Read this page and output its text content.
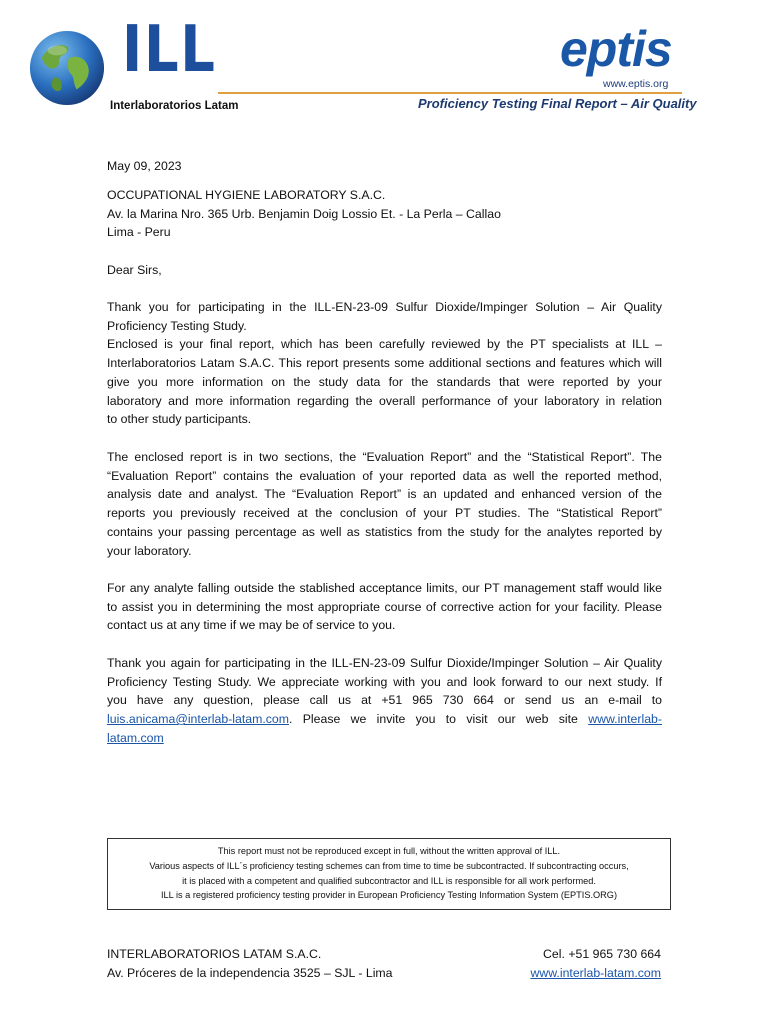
ILL
Interlaboratorios Latam
eptis
www.eptis.org
Proficiency Testing Final Report – Air Quality
May 09, 2023
OCCUPATIONAL HYGIENE LABORATORY S.A.C.
Av. la Marina Nro. 365 Urb. Benjamin Doig Lossio Et. - La Perla – Callao
Lima - Peru
Dear Sirs,
Thank you for participating in the ILL-EN-23-09 Sulfur Dioxide/Impinger Solution – Air Quality
Proficiency Testing Study.
Enclosed is your final report, which has been carefully reviewed by the PT specialists at ILL –
Interlaboratorios Latam S.A.C. This report presents some additional sections and features which will
give you more information on the study data for the standards that were reported by your
laboratory and more information regarding the overall performance of your laboratory in relation
to other study participants.
The enclosed report is in two sections, the “Evaluation Report” and the “Statistical Report”. The
“Evaluation Report” contains the evaluation of your reported data as well the reported method,
analysis date and analyst. The “Evaluation Report” is an updated and enhanced version of the
reports you previously received at the conclusion of your PT studies. The “Statistical Report”
contains your passing percentage as well as statistics from the study for the analytes reported by
your laboratory.
For any analyte falling outside the stablished acceptance limits, our PT management staff would like
to assist you in determining the most appropriate course of corrective action for your facility. Please
contact us at any time if we may be of service to you.
Thank you again for participating in the ILL-EN-23-09 Sulfur Dioxide/Impinger Solution – Air Quality
Proficiency Testing Study. We appreciate working with you and look forward to our next study. If
you have any question, please call us at +51 965 730 664 or send us an e-mail to
luis.anicama@interlab-latam.com. Please we invite you to visit our web site www.interlab-
latam.com

This report must not be reproduced except in full, without the written approval of ILL.

Various aspects of ILL´s proficiency testing schemes can from time to time be subcontracted. If subcontracting occurs,

it is placed with a competent and qualified subcontractor and ILL is responsible for all work performed.

ILL is a registered proficiency testing provider in European Proficiency Testing Information System (EPTIS.ORG)

INTERLABORATORIOS LATAM S.A.C.
Av. Próceres de la independencia 3525 – SJL - Lima
Cel. +51 965 730 664
www.interlab-latam.com
